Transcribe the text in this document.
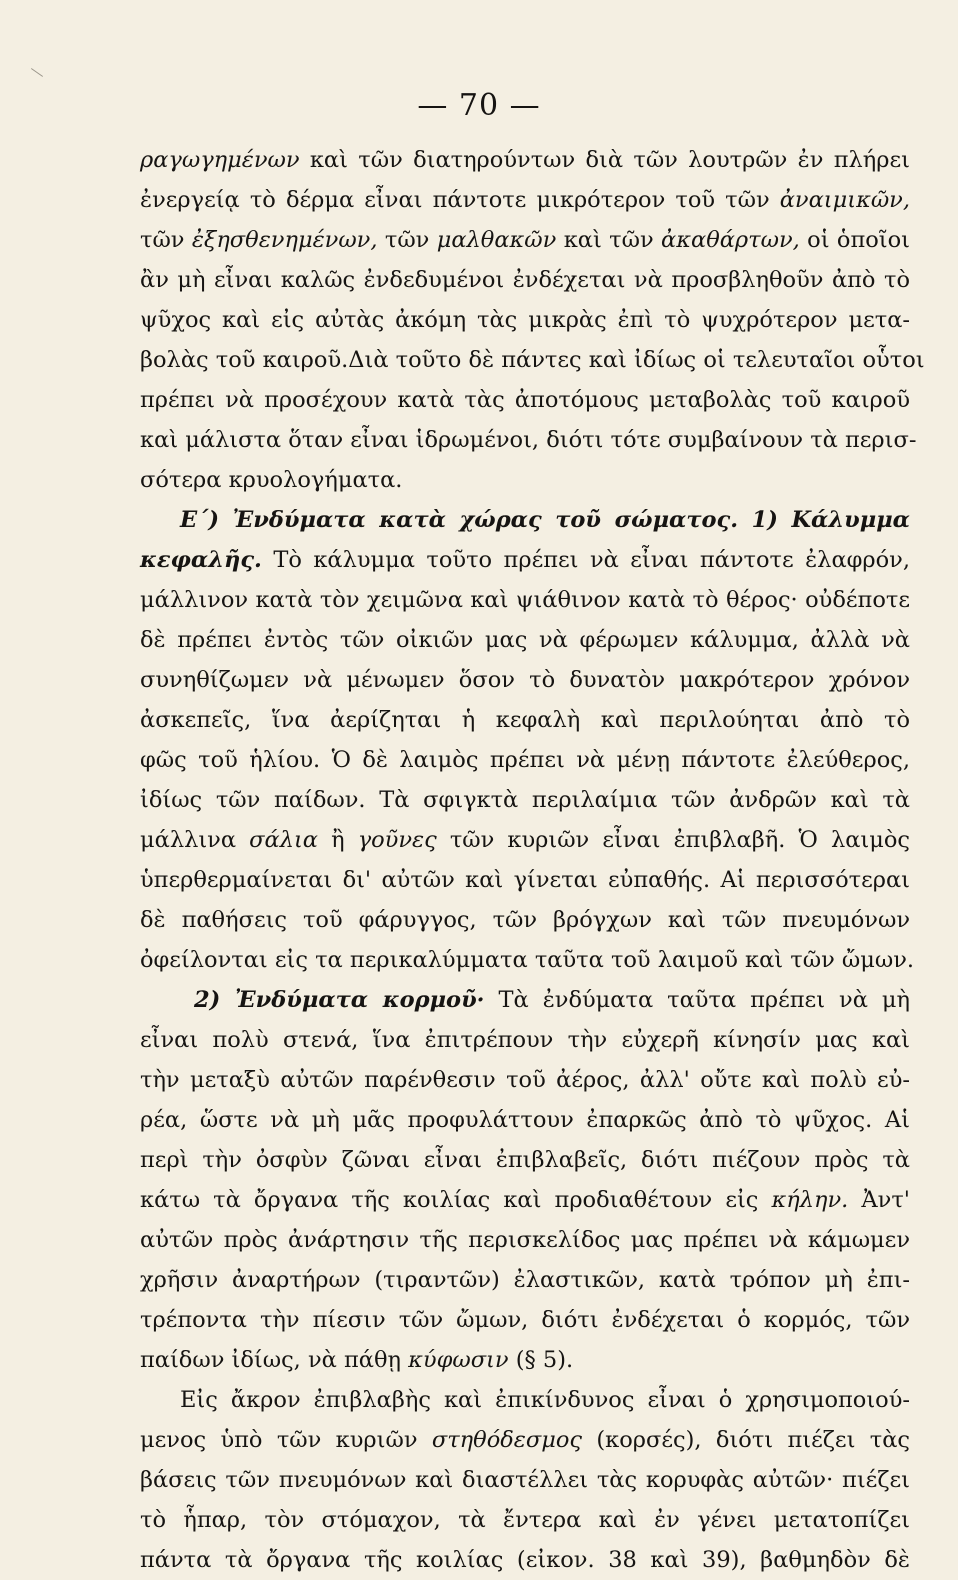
— 70 —
ραγωγημένων καὶ τῶν διατηρούντων διὰ τῶν λουτρῶν ἐν πλήρει
ἐνεργείᾳ τὸ δέρμα εἶναι πάντοτε μικρότερον τοῦ τῶν ἀναιμικῶν,
τῶν ἐξησθενημένων, τῶν μαλθακῶν καὶ τῶν ἀκαθάρτων, οἱ ὁποῖοι
ἂν μὴ εἶναι καλῶς ἐνδεδυμένοι ἐνδέχεται νὰ προσβληθοῦν ἀπὸ τὸ
ψῦχος καὶ εἰς αὐτὰς ἀκόμη τὰς μικρὰς ἐπὶ τὸ ψυχρότερον μετα-
βολὰς τοῦ καιροῦ.Διὰ τοῦτο δὲ πάντες καὶ ἰδίως οἱ τελευταῖοι οὗτοι
πρέπει νὰ προσέχουν κατὰ τὰς ἀποτόμους μεταβολὰς τοῦ καιροῦ
καὶ μάλιστα ὅταν εἶναι ἱδρωμένοι, διότι τότε συμβαίνουν τὰ περισ-
σότερα κρυολογήματα.
Ε΄) Ἐνδύματα κατὰ χώρας τοῦ σώματος. 1) Κάλυμμα
κεφαλῆς. Τὸ κάλυμμα τοῦτο πρέπει νὰ εἶναι πάντοτε ἐλαφρόν,
μάλλινον κατὰ τὸν χειμῶνα καὶ ψιάθινον κατὰ τὸ θέρος· οὐδέποτε
δὲ πρέπει ἐντὸς τῶν οἰκιῶν μας νὰ φέρωμεν κάλυμμα, ἀλλὰ νὰ
συνηθίζωμεν νὰ μένωμεν ὅσον τὸ δυνατὸν μακρότερον χρόνον
ἀσκεπεῖς, ἵνα ἀερίζηται ἡ κεφαλὴ καὶ περιλούηται ἀπὸ τὸ
φῶς τοῦ ἡλίου. Ὁ δὲ λαιμὸς πρέπει νὰ μένῃ πάντοτε ἐλεύθερος,
ἰδίως τῶν παίδων. Τὰ σφιγκτὰ περιλαίμια τῶν ἀνδρῶν καὶ τὰ
μάλλινα σάλια ἢ γοῦνες τῶν κυριῶν εἶναι ἐπιβλαβῆ. Ὁ λαιμὸς
ὑπερθερμαίνεται δι' αὐτῶν καὶ γίνεται εὐπαθής. Αἱ περισσότεραι
δὲ παθήσεις τοῦ φάρυγγος, τῶν βρόγχων καὶ τῶν πνευμόνων
ὀφείλονται εἰς τα περικαλύμματα ταῦτα τοῦ λαιμοῦ καὶ τῶν ὤμων.
2) Ἐνδύματα κορμοῦ· Τὰ ἐνδύματα ταῦτα πρέπει νὰ μὴ
εἶναι πολὺ στενά, ἵνα ἐπιτρέπουν τὴν εὐχερῆ κίνησίν μας καὶ
τὴν μεταξὺ αὐτῶν παρένθεσιν τοῦ ἀέρος, ἀλλ' οὔτε καὶ πολὺ εὐ-
ρέα, ὥστε νὰ μὴ μᾶς προφυλάττουν ἐπαρκῶς ἀπὸ τὸ ψῦχος. Αἱ
περὶ τὴν ὀσφὺν ζῶναι εἶναι ἐπιβλαβεῖς, διότι πιέζουν πρὸς τὰ
κάτω τὰ ὄργανα τῆς κοιλίας καὶ προδιαθέτουν εἰς κήλην. Ἀντ'
αὐτῶν πρὸς ἀνάρτησιν τῆς περισκελίδος μας πρέπει νὰ κάμωμεν
χρῆσιν ἀναρτήρων (τιραντῶν) ἐλαστικῶν, κατὰ τρόπον μὴ ἐπι-
τρέποντα τὴν πίεσιν τῶν ὤμων, διότι ἐνδέχεται ὁ κορμός, τῶν
παίδων ἰδίως, νὰ πάθῃ κύφωσιν (§ 5).
Εἰς ἄκρον ἐπιβλαβὴς καὶ ἐπικίνδυνος εἶναι ὁ χρησιμοποιού-
μενος ὑπὸ τῶν κυριῶν στηθόδεσμος (κορσές), διότι πιέζει τὰς
βάσεις τῶν πνευμόνων καὶ διαστέλλει τὰς κορυφὰς αὐτῶν· πιέζει
τὸ ἧπαρ, τὸν στόμαχον, τὰ ἔντερα καὶ ἐν γένει μετατοπίζει
πάντα τὰ ὄργανα τῆς κοιλίας (εἰκον. 38 καὶ 39), βαθμηδὸν δὲ
